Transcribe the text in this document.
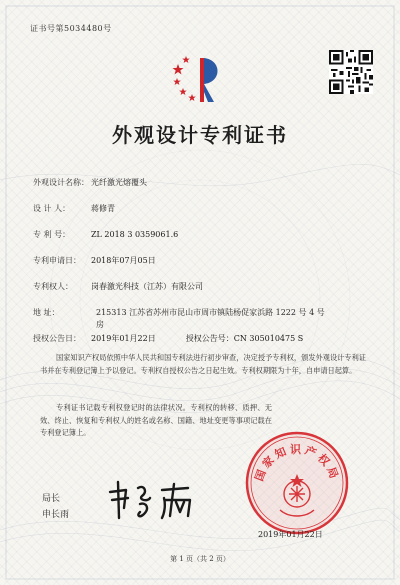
证书号第5034480号
外观设计专利证书
外观设计名称： 光纤激光熔覆头
设 计 人：	蒋修青
专 利 号：	ZL 2018 3 0359061.6
专利申请日： 2018年07月05日
专利权人： 岗春激光科技（江苏）有限公司
地 址：	215313 江苏省苏州市昆山市周市镇陆杨促家浜路 1222 号 4 号房
授权公告日： 2019年01月22日	授权公告号：CN 305010475 S
国家知识产权局依照中华人民共和国专利法进行初步审查，决定授予专利权，颁发外观设计专利证书并在专利登记簿上予以登记。专利权自授权公告之日起生效。专利权期限为十年，自申请日起算。
专利证书记载专利权登记时的法律状况。专利权的转移、质押、无效、终止、恢复和专利权人的姓名或名称、国籍、地址变更等事项记载在专利登记簿上。
国家知识产权局
局长
申长雨
2019年01月22日
第 1 页（共 2 页）
